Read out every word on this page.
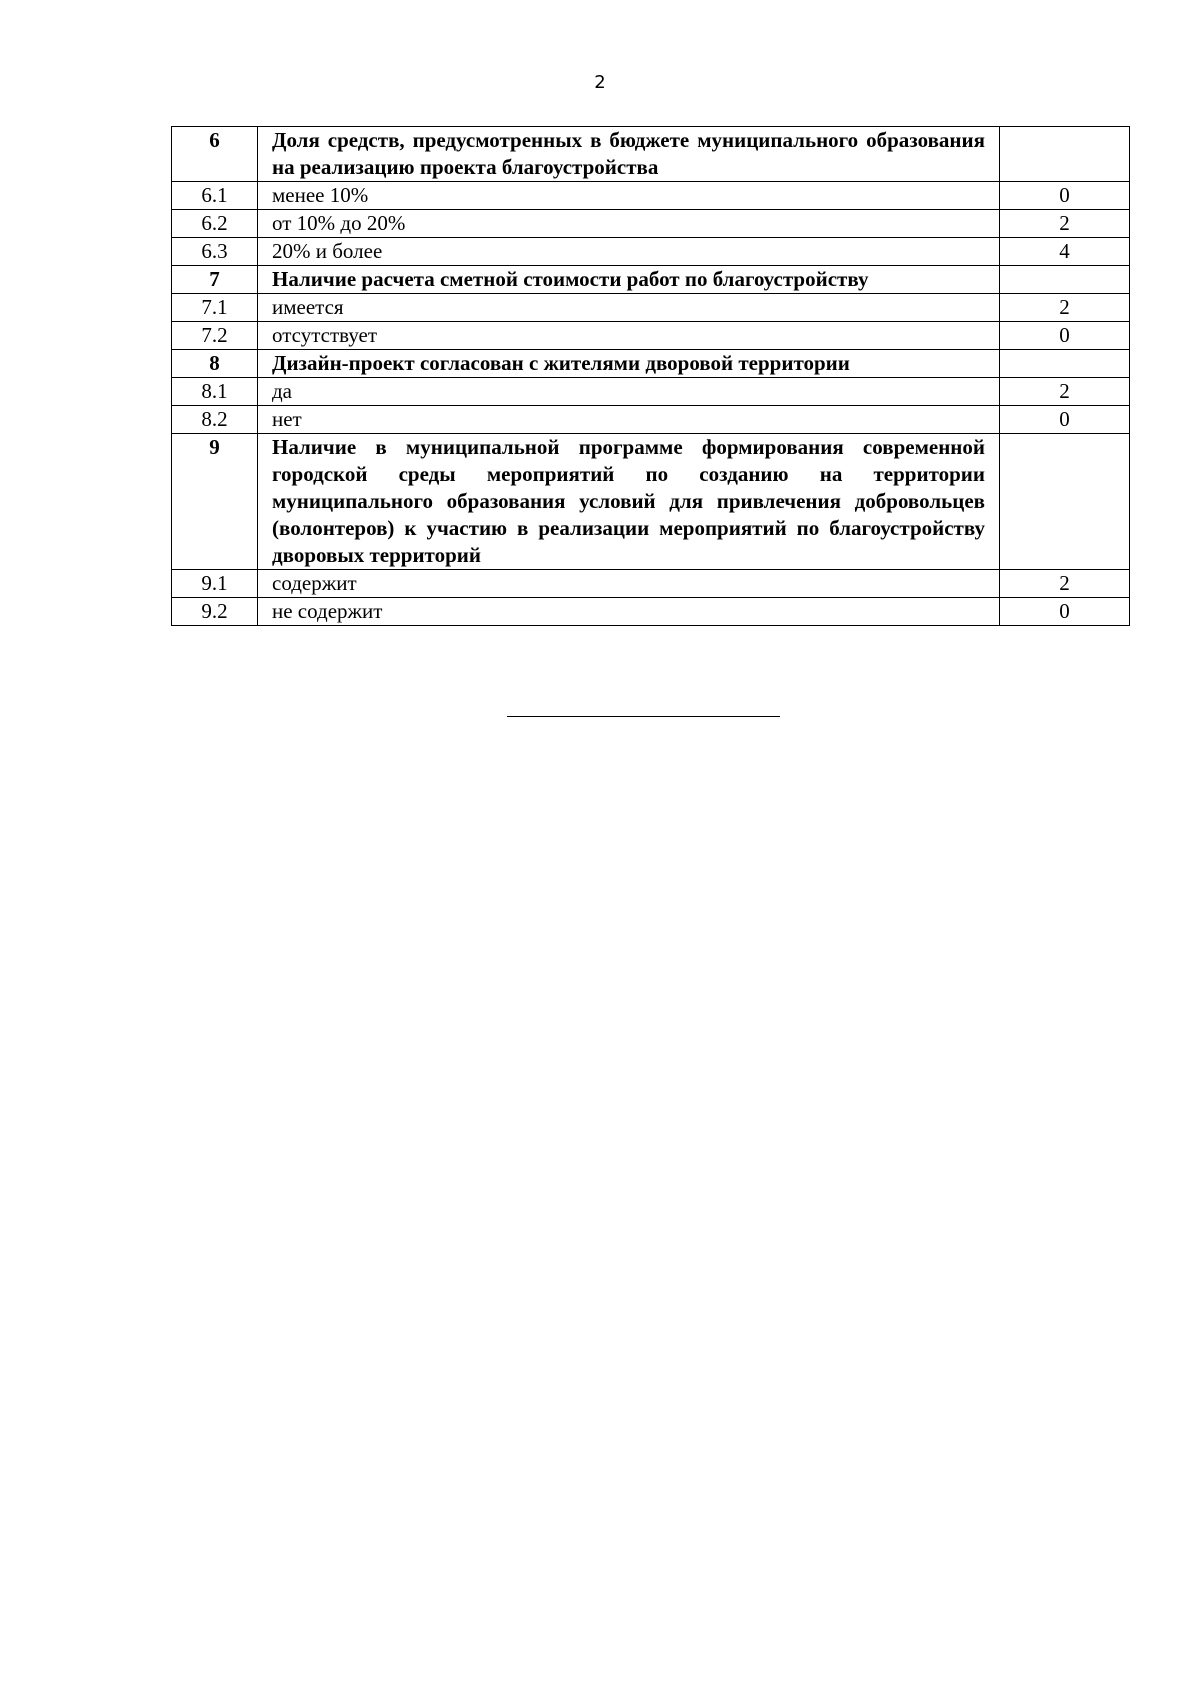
2
6	Доля средств, предусмотренных в бюджете муниципального образования на реализацию проекта благоустройства	
6.1	менее 10%	0
6.2	от 10% до 20%	2
6.3	20% и более	4
7	Наличие расчета сметной стоимости работ по благоустройству	
7.1	имеется	2
7.2	отсутствует	0
8	Дизайн-проект согласован с жителями дворовой территории	
8.1	да	2
8.2	нет	0
9	Наличие в муниципальной программе формирования современной городской среды мероприятий по созданию на территории муниципального образования условий для привлечения добровольцев (волонтеров) к участию в реализации мероприятий по благоустройству дворовых территорий	
9.1	содержит	2
9.2	не содержит	0
